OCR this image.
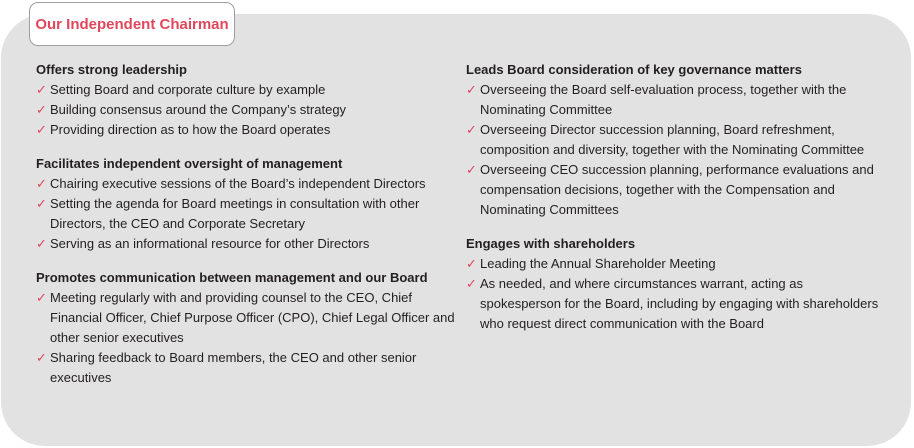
Our Independent Chairman

Offers strong leadership

✓ Setting Board and corporate culture by example
✓ Building consensus around the Company’s strategy
✓ Providing direction as to how the Board operates

Facilitates independent oversight of management

✓ Chairing executive sessions of the Board’s independent Directors
✓ Setting the agenda for Board meetings in consultation with other Directors, the CEO and Corporate Secretary
✓ Serving as an informational resource for other Directors

Promotes communication between management and our Board

✓ Meeting regularly with and providing counsel to the CEO, Chief Financial Officer, Chief Purpose Officer (CPO), Chief Legal Officer and other senior executives
✓ Sharing feedback to Board members, the CEO and other senior executives

Leads Board consideration of key governance matters

✓ Overseeing the Board self-evaluation process, together with the Nominating Committee
✓ Overseeing Director succession planning, Board refreshment, composition and diversity, together with the Nominating Committee
✓ Overseeing CEO succession planning, performance evaluations and compensation decisions, together with the Compensation and Nominating Committees

Engages with shareholders

✓ Leading the Annual Shareholder Meeting
✓ As needed, and where circumstances warrant, acting as spokesperson for the Board, including by engaging with shareholders who request direct communication with the Board
